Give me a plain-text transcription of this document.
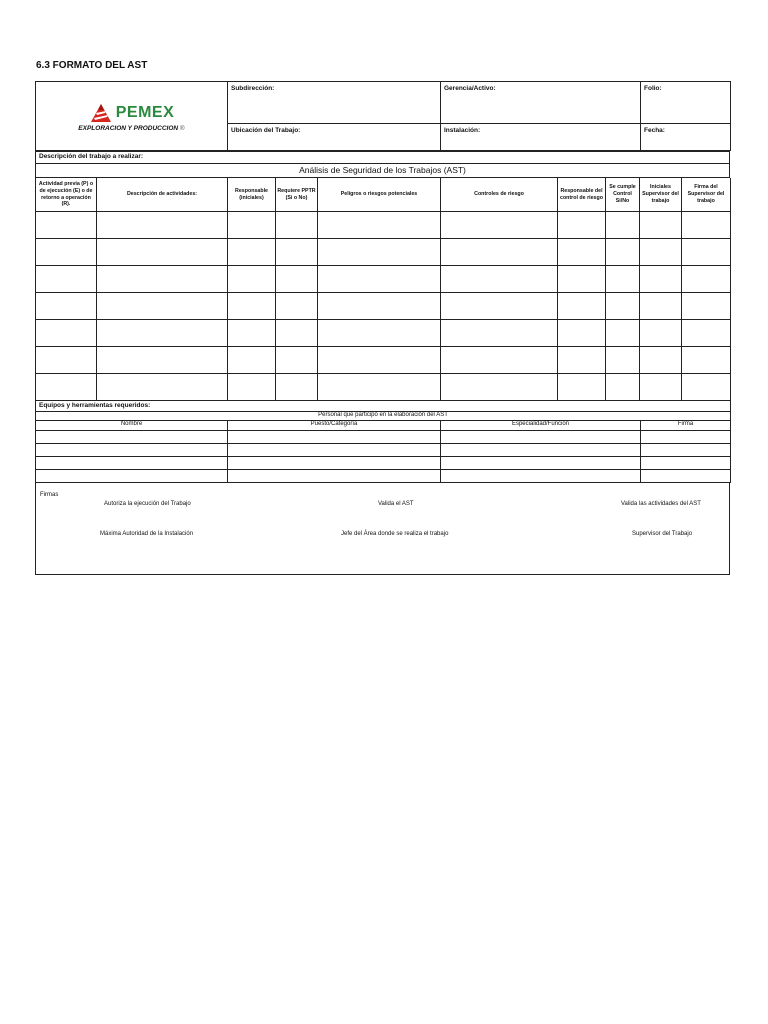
6.3 FORMATO DEL AST
PEMEX
EXPLORACION Y PRODUCCION ®	Subdirección:	Gerencia/Activo:	Folio:
	Ubicación del Trabajo:	Instalación:	Fecha:
Descripción del trabajo a realizar:
Análisis de Seguridad de los Trabajos (AST)
Actividad previa (P) o de ejecución (E) o de retorno a operación (R).	Descripción de actividades:	Responsable (iniciales)	Requiere PPTR (Si o No)	Peligros o riesgos potenciales	Controles de riesgo	Responsable del control de riesgo	Se cumple Control Si/No	Iniciales Supervisor del trabajo	Firma del Supervisor del trabajo

Equipos y herramientas requeridos:			
Personal que participó en la elaboración del AST			
Nombre	Puesto/Categoría	Especialidad/Función	Firma

Firmas
Autoriza la ejecución del Trabajo	Valida el AST	Valida las actividades del AST
Máxima Autoridad de la Instalación	Jefe del Área donde se realiza el trabajo	Supervisor del Trabajo
